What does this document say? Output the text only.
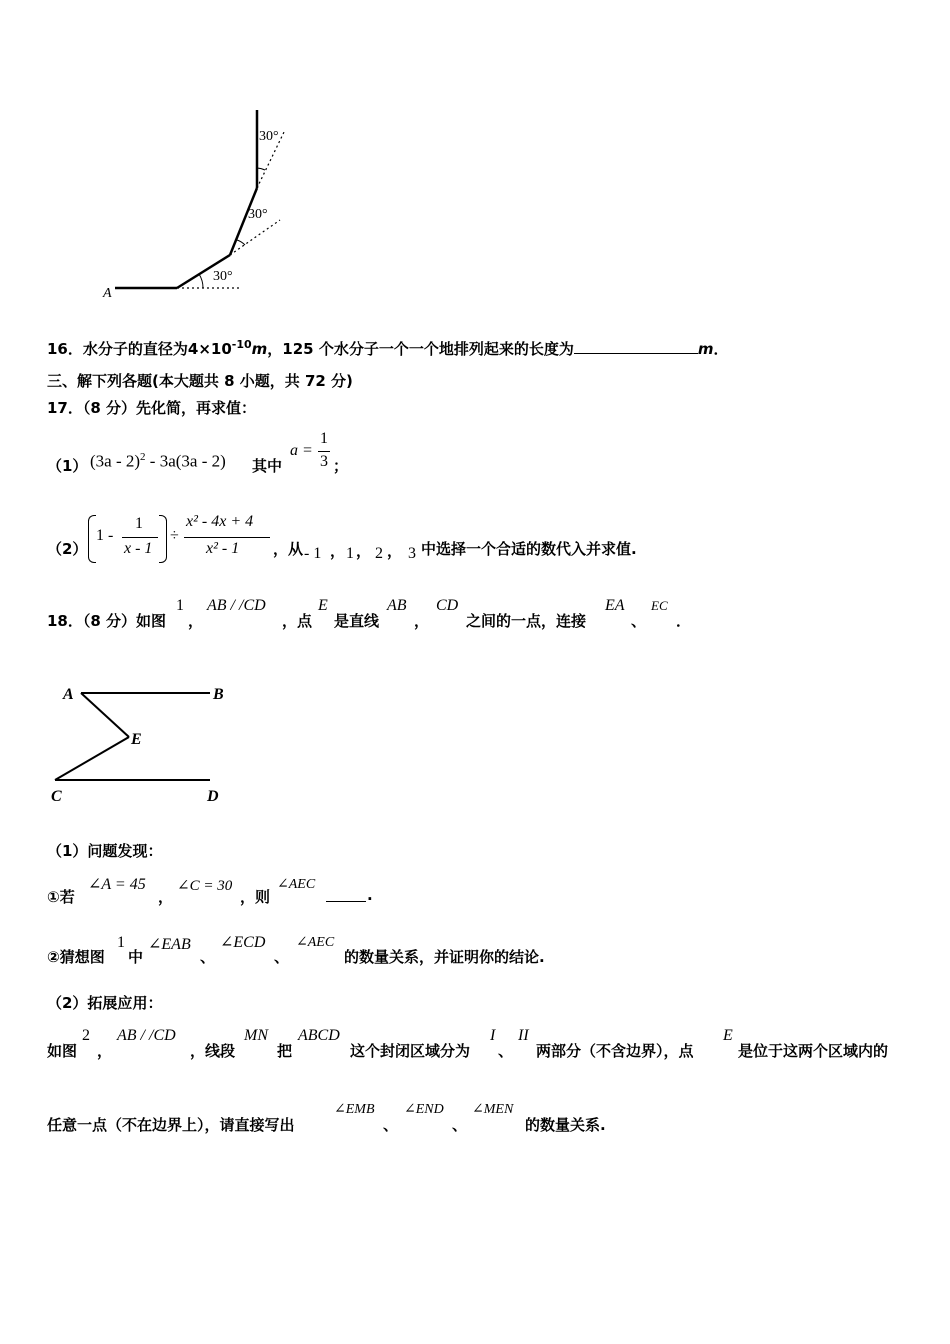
A
30°
30°
30°
16．水分子的直径为$4\times 10^{-10}m$，125 个水分子一个一个地排列起来的长度为	m．
三、解下列各题(本大题共 8 小题，共 72 分)
17．（8 分）先化简，再求值：
（1） (3a - 2)$^2$ - 3a(3a - 2) 其中
a =
1
3 ；
（2）
1 -
1
x - 1
÷
x² - 4x + 4
x² - 1 ，从 - 1 ， 1 ， 2 ， 3 中选择一个合适的数代入并求值.
18．（8 分）如图
1
，
AB / /CD
，点
E
是直线
AB
，
CD
之间的一点，连接
EA
、
EC
．
A	B
E
C	D
（1）问题发现：
①若
∠A = 45
，
∠C = 30
，则
∠AEC
.
②猜想图
1
中
∠EAB
、
∠ECD
、
∠AEC
的数量关系，并证明你的结论.
（2）拓展应用：
如图
2
，
AB / /CD
，线段
MN
把
ABCD
这个封闭区域分为
I
、
II
两部分（不含边界），点
E
是位于这两个区域内的
任意一点（不在边界上），请直接写出
∠EMB
、
∠END
、
∠MEN
的数量关系.
